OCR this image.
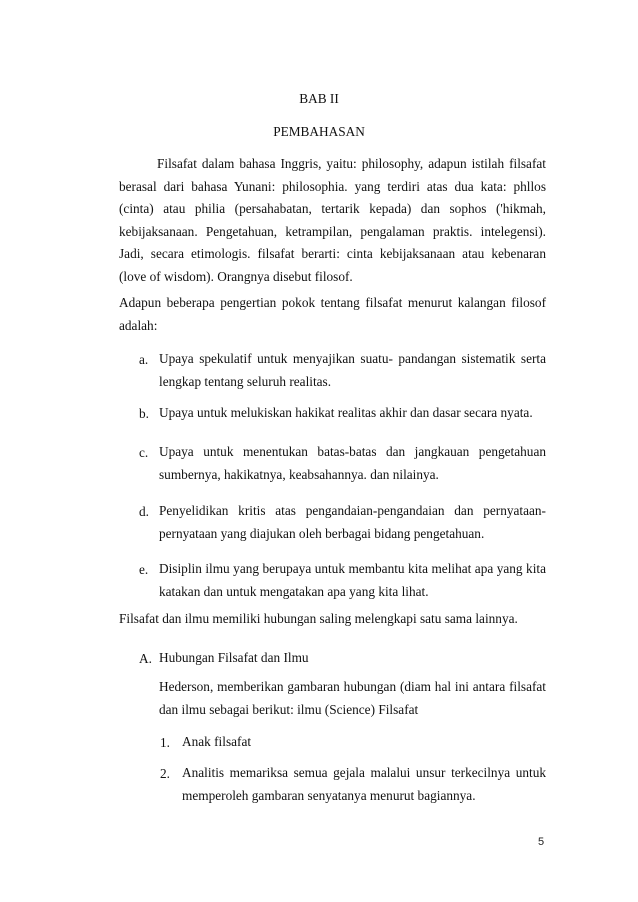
BAB II
PEMBAHASAN
Filsafat dalam bahasa Inggris, yaitu: philosophy, adapun istilah filsafat berasal dari bahasa Yunani: philosophia. yang terdiri atas dua kata: phllos (cinta) atau philia (persahabatan, tertarik kepada) dan sophos ('hikmah, kebijaksanaan. Pengetahuan, ketrampilan, pengalaman praktis. intelegensi). Jadi, secara etimologis. filsafat berarti: cinta kebijaksanaan atau kebenaran (love of wisdom). Orangnya disebut filosof.
Adapun beberapa pengertian pokok tentang filsafat menurut kalangan filosof adalah:
a. Upaya spekulatif untuk menyajikan suatu- pandangan sistematik serta lengkap tentang seluruh realitas.
b. Upaya untuk melukiskan hakikat realitas akhir dan dasar secara nyata.
c. Upaya untuk menentukan batas-batas dan jangkauan pengetahuan sumbernya, hakikatnya, keabsahannya. dan nilainya.
d. Penyelidikan kritis atas pengandaian-pengandaian dan pernyataan-pernyataan yang diajukan oleh berbagai bidang pengetahuan.
e. Disiplin ilmu yang berupaya untuk membantu kita melihat apa yang kita katakan dan untuk mengatakan apa yang kita lihat.
Filsafat dan ilmu memiliki hubungan saling melengkapi satu sama lainnya.
A. Hubungan Filsafat dan Ilmu
Hederson, memberikan gambaran hubungan (diam hal ini antara filsafat dan ilmu sebagai berikut: ilmu (Science) Filsafat
1. Anak filsafat
2. Analitis memariksa semua gejala malalui unsur terkecilnya untuk memperoleh gambaran senyatanya menurut bagiannya.
5
